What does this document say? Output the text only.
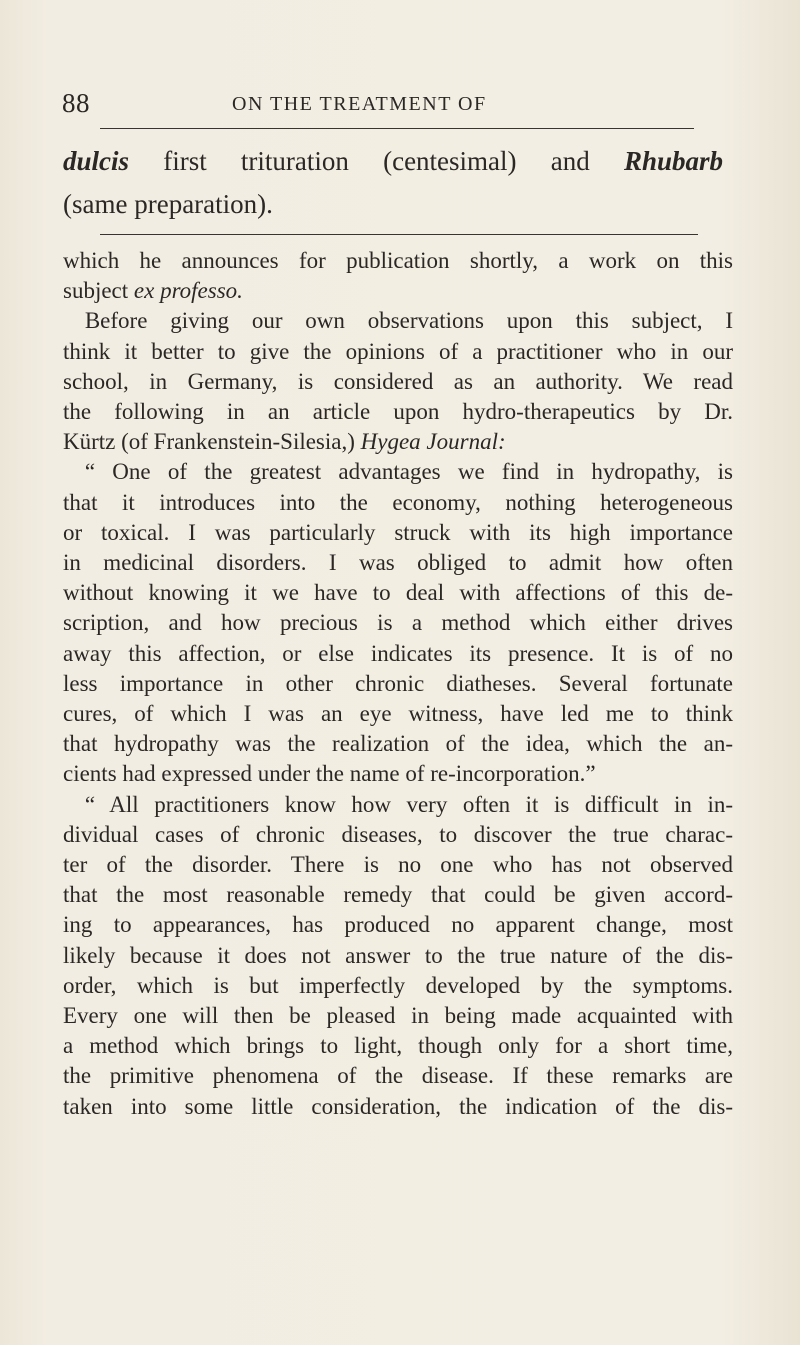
88	ON THE TREATMENT OF

dulcis first trituration (centesimal) and Rhubarb

(same preparation).

which he announces for publication shortly, a work on this

subject ex professo.

Before giving our own observations upon this subject, I

think it better to give the opinions of a practitioner who in our

school, in Germany, is considered as an authority. We read

the following in an article upon hydro-therapeutics by Dr.

Kürtz (of Frankenstein-Silesia,) Hygea Journal:

“ One of the greatest advantages we find in hydropathy, is

that it introduces into the economy, nothing heterogeneous

or toxical. I was particularly struck with its high importance

in medicinal disorders. I was obliged to admit how often

without knowing it we have to deal with affections of this de-

scription, and how precious is a method which either drives

away this affection, or else indicates its presence. It is of no

less importance in other chronic diatheses. Several fortunate

cures, of which I was an eye witness, have led me to think

that hydropathy was the realization of the idea, which the an-

cients had expressed under the name of re-incorporation.”

“ All practitioners know how very often it is difficult in in-

dividual cases of chronic diseases, to discover the true charac-

ter of the disorder. There is no one who has not observed

that the most reasonable remedy that could be given accord-

ing to appearances, has produced no apparent change, most

likely because it does not answer to the true nature of the dis-

order, which is but imperfectly developed by the symptoms.

Every one will then be pleased in being made acquainted with

a method which brings to light, though only for a short time,

the primitive phenomena of the disease. If these remarks are

taken into some little consideration, the indication of the dis-
